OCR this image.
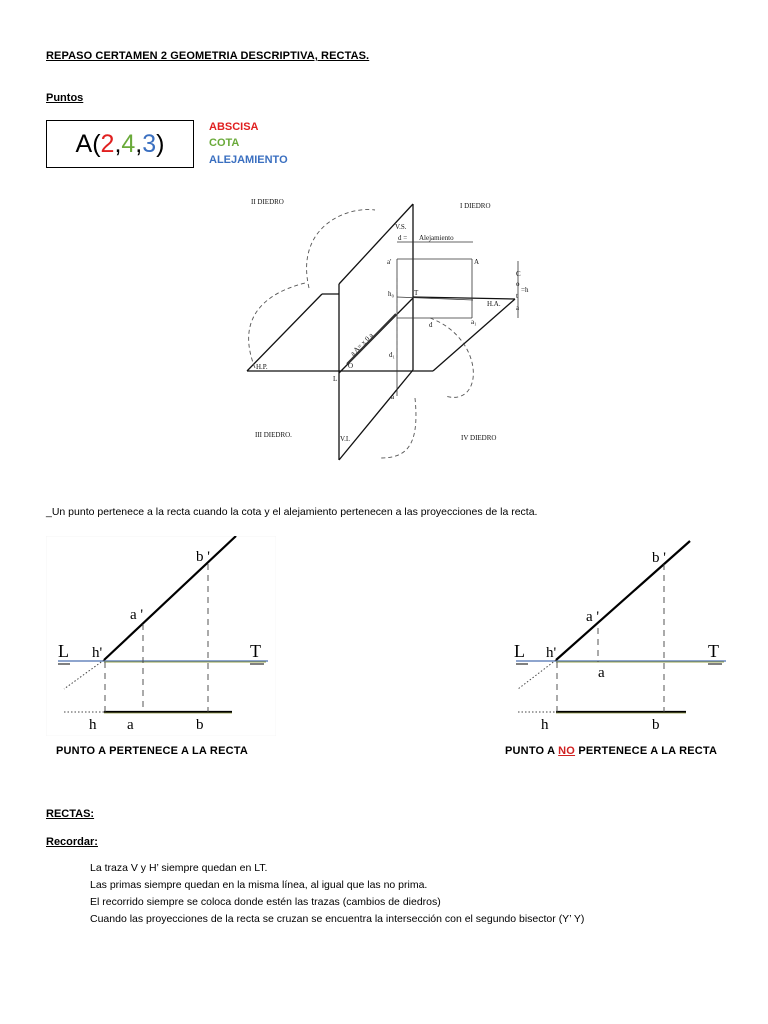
REPASO CERTAMEN 2 GEOMETRIA DESCRIPTIVA, RECTAS.
Puntos
A ( 2 , 4 , 3 )
ABSCISA
COTA
ALEJAMIENTO
II DIEDRO	I DIEDRO
III DIEDRO.	IV DIEDRO
V.S.
V.I.
H.P.
H.A.
d = Alejamiento
a'	A
h₀	T
d	a₁
L
O
a
d₁
a A= x 0 a
C
o
t
a
=h
_Un punto pertenece a la recta cuando la cota y el alejamiento pertenecen a las proyecciones de la recta.
b '
a '
L h'	T
h a	b
b '
a '
L h'	T
a
h	b
PUNTO A PERTENECE A LA RECTA	PUNTO A NO PERTENECE A LA RECTA
RECTAS:
Recordar:
La traza V y H’ siempre quedan en LT.
Las primas siempre quedan en la misma línea, al igual que las no prima.
El recorrido siempre se coloca donde estén las trazas (cambios de diedros)
Cuando las proyecciones de la recta se cruzan se encuentra la intersección con el segundo bisector (Y’ Y)
